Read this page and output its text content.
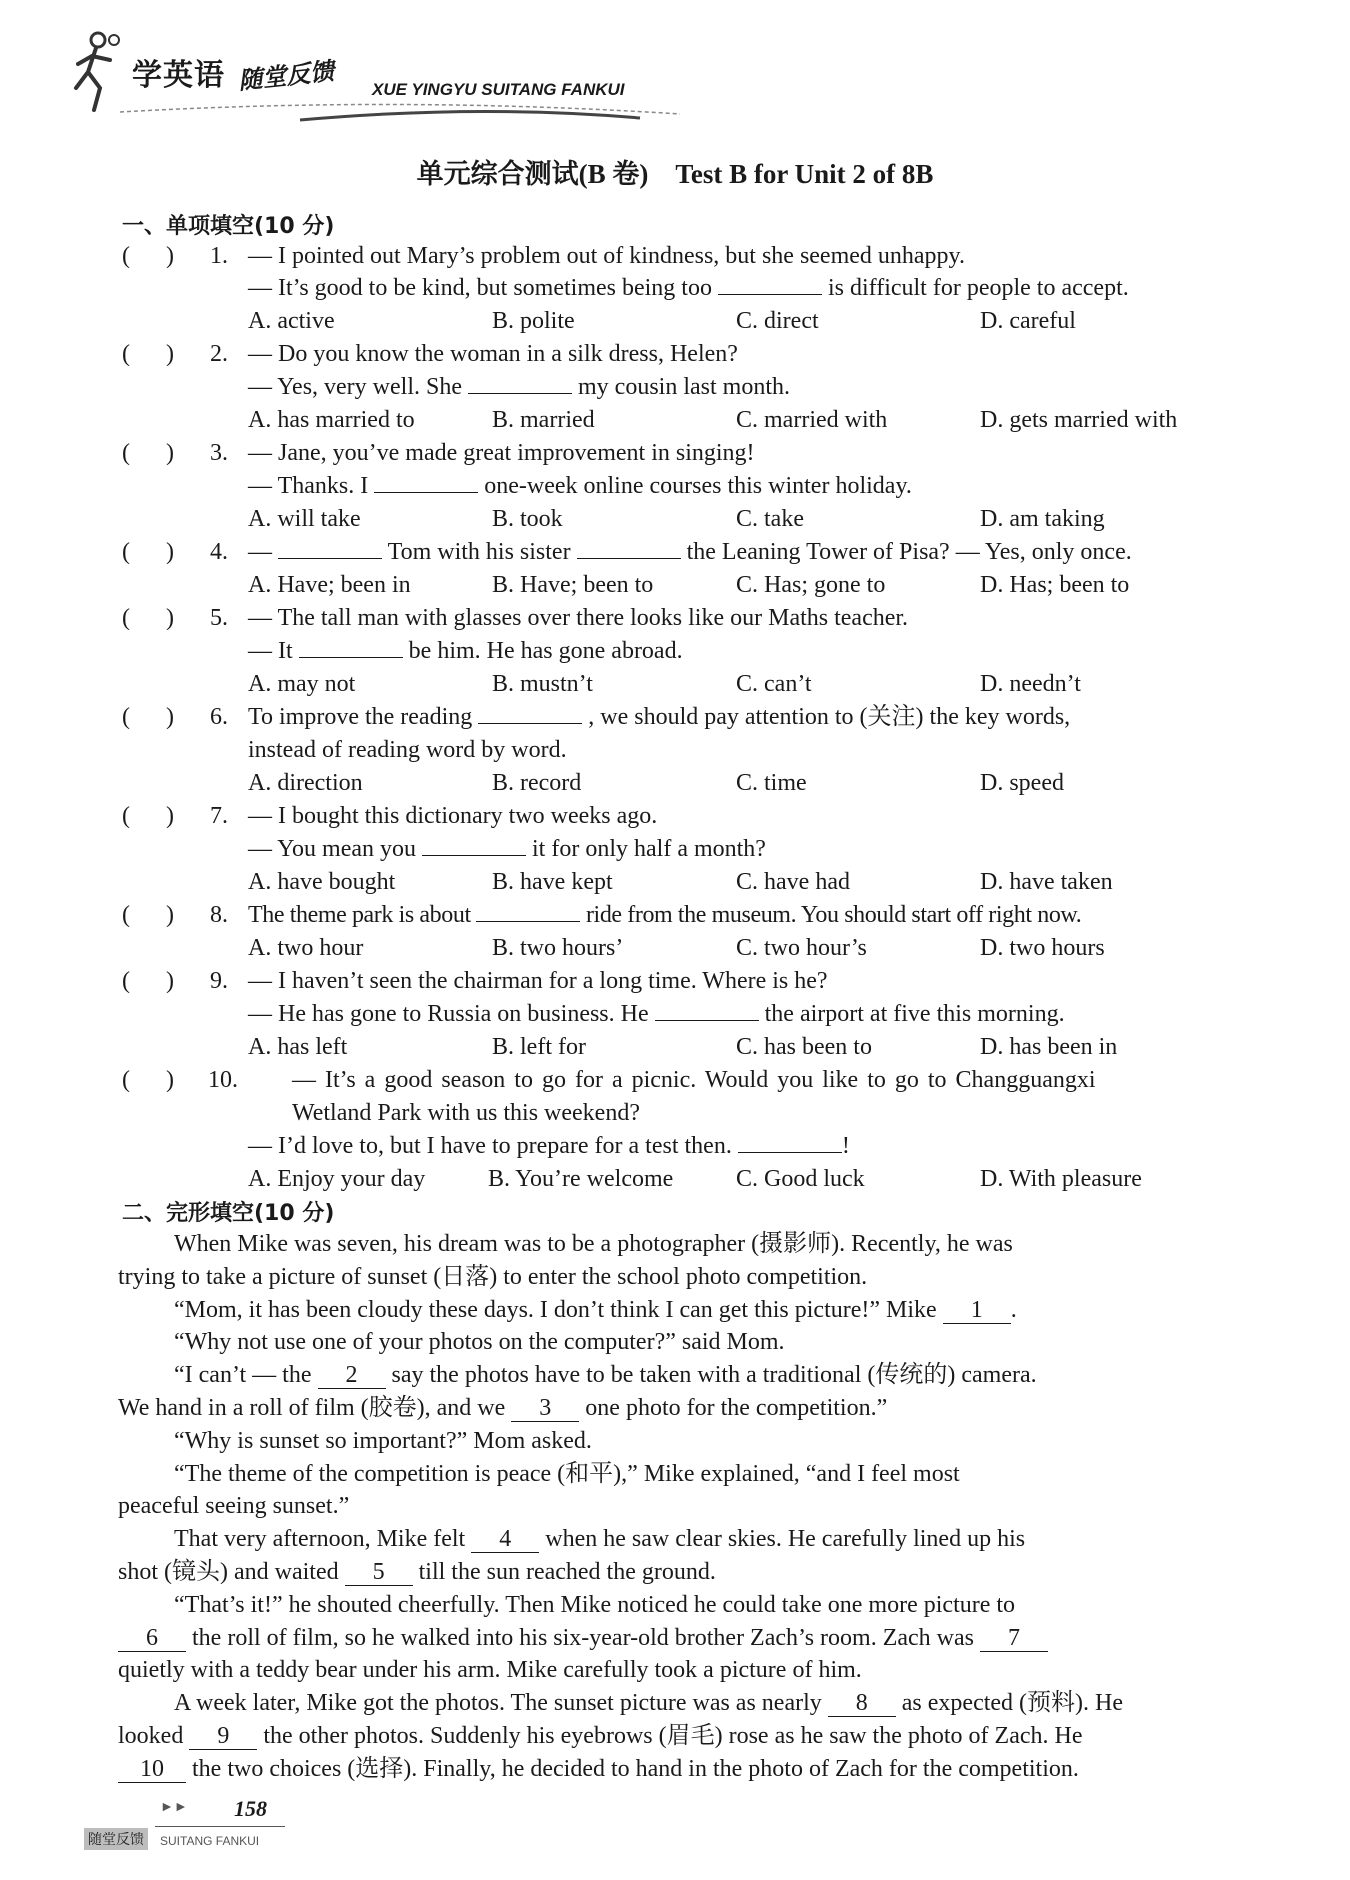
学英语 随堂反馈 XUE YINGYU SUITANG FANKUI
单元综合测试(B 卷)　Test B for Unit 2 of 8B
一、单项填空(10 分)
(      ) 1. — I pointed out Mary’s problem out of kindness, but she seemed unhappy.
— It’s good to be kind, but sometimes being too	is difficult for people to accept.
A. active	B. polite	C. direct	D. careful
(      ) 2. — Do you know the woman in a silk dress, Helen?
— Yes, very well. She	my cousin last month.
A. has married to	B. married	C. married with	D. gets married with
(      ) 3. — Jane, you’ve made great improvement in singing!
— Thanks. I	one-week online courses this winter holiday.
A. will take	B. took	C. take	D. am taking
(      ) 4. —	Tom with his sister	the Leaning Tower of Pisa? — Yes, only once.
A. Have; been in	B. Have; been to	C. Has; gone to	D. Has; been to
(      ) 5. — The tall man with glasses over there looks like our Maths teacher.
— It	be him. He has gone abroad.
A. may not	B. mustn’t	C. can’t	D. needn’t
(      ) 6. To improve the reading	, we should pay attention to (关注) the key words,
instead of reading word by word.
A. direction	B. record	C. time	D. speed
(      ) 7. — I bought this dictionary two weeks ago.
— You mean you	it for only half a month?
A. have bought	B. have kept	C. have had	D. have taken
(      ) 8. The theme park is about	ride from the museum. You should start off right now.
A. two hour	B. two hours’	C. two hour’s	D. two hours
(      ) 9. — I haven’t seen the chairman for a long time. Where is he?
— He has gone to Russia on business. He	the airport at five this morning.
A. has left	B. left for	C. has been to	D. has been in
(      ) 10. — It’s a good season to go for a picnic. Would you like to go to Changguangxi
Wetland Park with us this weekend?
— I’d love to, but I have to prepare for a test then.	!
A. Enjoy your day	B. You’re welcome	C. Good luck	D. With pleasure
二、完形填空(10 分)
When Mike was seven, his dream was to be a photographer (摄影师). Recently, he was
trying to take a picture of sunset (日落) to enter the school photo competition.
“Mom, it has been cloudy these days. I don’t think I can get this picture!” Mike 1 .
“Why not use one of your photos on the computer?” said Mom.
“I can’t — the 2 say the photos have to be taken with a traditional (传统的) camera.
We hand in a roll of film (胶卷), and we 3 one photo for the competition.”
“Why is sunset so important?” Mom asked.
“The theme of the competition is peace (和平),” Mike explained, “and I feel most
peaceful seeing sunset.”
That very afternoon, Mike felt 4 when he saw clear skies. He carefully lined up his
shot (镜头) and waited 5 till the sun reached the ground.
“That’s it!” he shouted cheerfully. Then Mike noticed he could take one more picture to
6 the roll of film, so he walked into his six-year-old brother Zach’s room. Zach was 7
quietly with a teddy bear under his arm. Mike carefully took a picture of him.
A week later, Mike got the photos. The sunset picture was as nearly 8 as expected (预料). He
looked 9 the other photos. Suddenly his eyebrows (眉毛) rose as he saw the photo of Zach. He
10 the two choices (选择). Finally, he decided to hand in the photo of Zach for the competition.
►► 158
随堂反馈	SUITANG FANKUI
